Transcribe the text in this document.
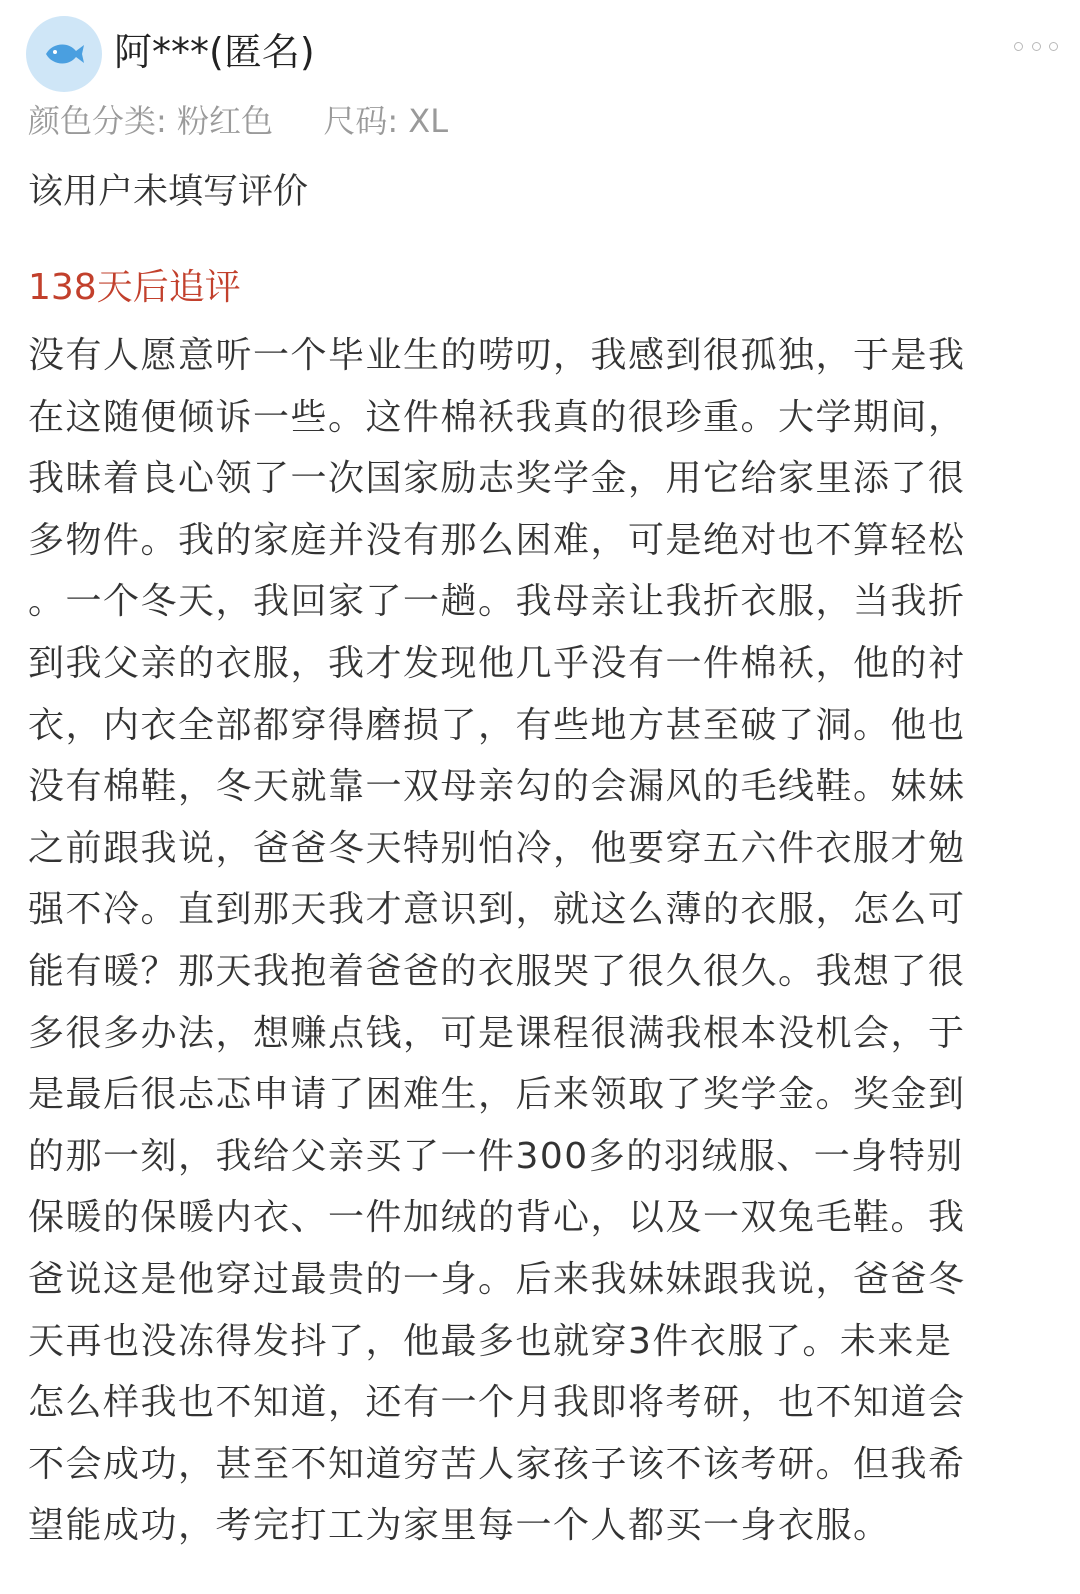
阿***(匿名)
颜色分类: 粉红色 尺码: XL
该用户未填写评价
138天后追评
没有人愿意听一个毕业生的唠叨，我感到很孤独，于是我
在这随便倾诉一些。这件棉袄我真的很珍重。大学期间，
我昧着良心领了一次国家励志奖学金，用它给家里添了很
多物件。我的家庭并没有那么困难，可是绝对也不算轻松
。一个冬天，我回家了一趟。我母亲让我折衣服，当我折
到我父亲的衣服，我才发现他几乎没有一件棉袄，他的衬
衣，内衣全部都穿得磨损了，有些地方甚至破了洞。他也
没有棉鞋，冬天就靠一双母亲勾的会漏风的毛线鞋。妹妹
之前跟我说，爸爸冬天特别怕冷，他要穿五六件衣服才勉
强不冷。直到那天我才意识到，就这么薄的衣服，怎么可
能有暖？那天我抱着爸爸的衣服哭了很久很久。我想了很
多很多办法，想赚点钱，可是课程很满我根本没机会，于
是最后很忐忑申请了困难生，后来领取了奖学金。奖金到
的那一刻，我给父亲买了一件300多的羽绒服、一身特别
保暖的保暖内衣、一件加绒的背心，以及一双兔毛鞋。我
爸说这是他穿过最贵的一身。后来我妹妹跟我说，爸爸冬
天再也没冻得发抖了，他最多也就穿3件衣服了。未来是
怎么样我也不知道，还有一个月我即将考研，也不知道会
不会成功，甚至不知道穷苦人家孩子该不该考研。但我希
望能成功，考完打工为家里每一个人都买一身衣服。
